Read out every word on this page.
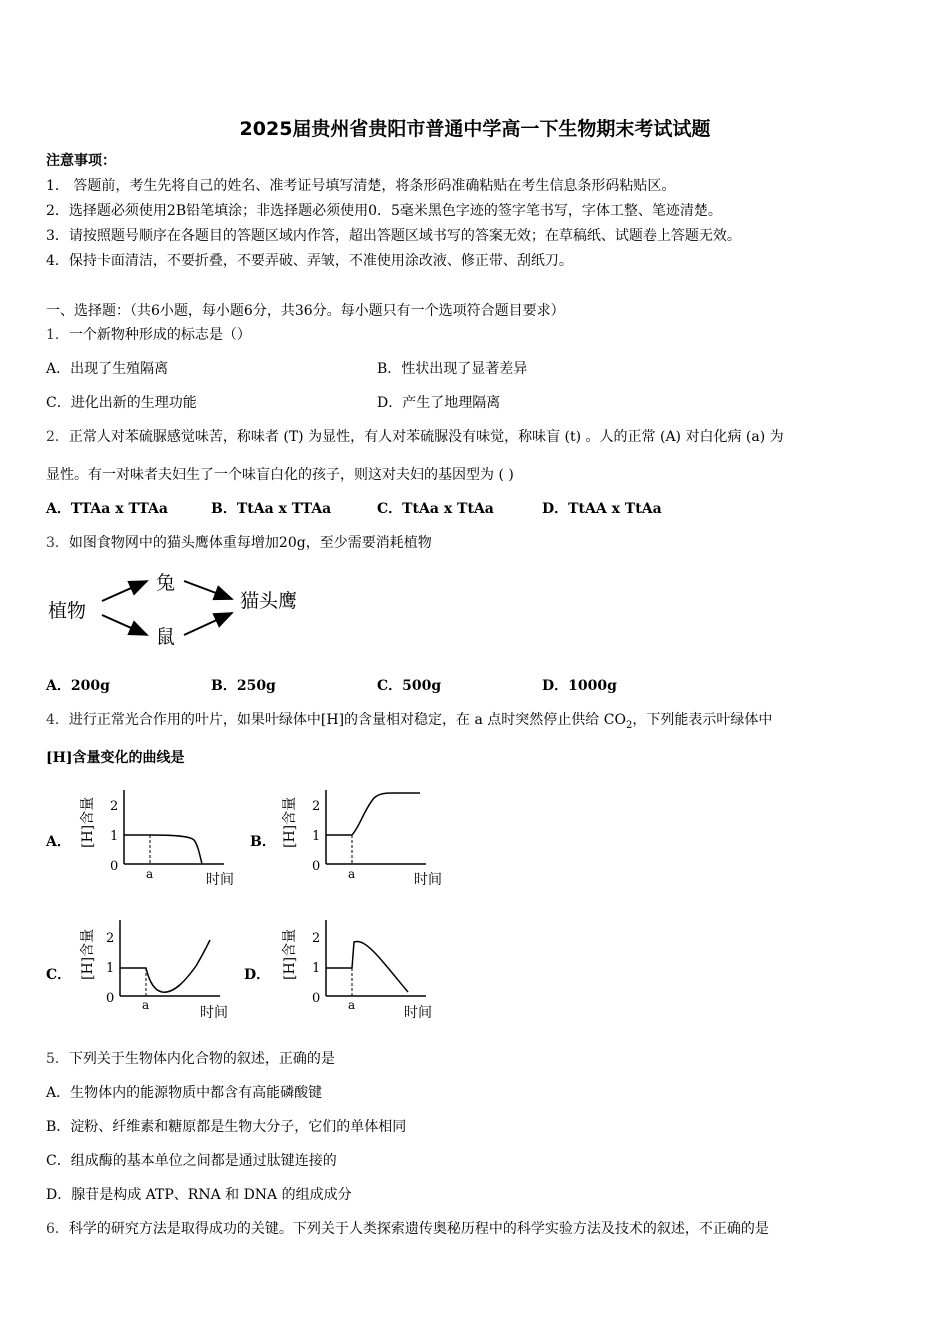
2025届贵州省贵阳市普通中学高一下生物期末考试试题
注意事项：
1． 答题前，考生先将自己的姓名、准考证号填写清楚，将条形码准确粘贴在考生信息条形码粘贴区。
2．选择题必须使用2B铅笔填涂；非选择题必须使用0．5毫米黑色字迹的签字笔书写，字体工整、笔迹清楚。
3．请按照题号顺序在各题目的答题区域内作答，超出答题区域书写的答案无效；在草稿纸、试题卷上答题无效。
4．保持卡面清洁，不要折叠，不要弄破、弄皱，不准使用涂改液、修正带、刮纸刀。
一、选择题：（共6小题，每小题6分，共36分。每小题只有一个选项符合题目要求）
1．一个新物种形成的标志是（）
A．出现了生殖隔离	B．性状出现了显著差异
C．进化出新的生理功能	D．产生了地理隔离
2．正常人对苯硫脲感觉味苦，称味者 (T) 为显性，有人对苯硫脲没有味觉，称味盲 (t) 。人的正常 (A) 对白化病 (a) 为
显性。有一对味者夫妇生了一个味盲白化的孩子，则这对夫妇的基因型为 ( )
A．TTAa x TTAa	B．TtAa x TTAa	C．TtAa x TtAa	D．TtAA x TtAa
3．如图食物网中的猫头鹰体重每增加20g，至少需要消耗植物
植物
兔
鼠
猫头鹰
A．200g	B．250g	C．500g	D．1000g
4．进行正常光合作用的叶片，如果叶绿体中[H]的含量相对稳定，在 a 点时突然停止供给 $CO_2$，下列能表示叶绿体中
[H]含量变化的曲线是
A．	B．
C．	D．
[H]含量 2
1
0 a	时间
[H]含量 2
1
0 a	时间
[H]含量 2
1
0 a	时间
[H]含量 2
1
0 a	时间
5．下列关于生物体内化合物的叙述，正确的是
A．生物体内的能源物质中都含有高能磷酸键
B．淀粉、纤维素和糖原都是生物大分子，它们的单体相同
C．组成酶的基本单位之间都是通过肽键连接的
D．腺苷是构成 ATP、RNA 和 DNA 的组成成分
6．科学的研究方法是取得成功的关键。下列关于人类探索遗传奥秘历程中的科学实验方法及技术的叙述，不正确的是
